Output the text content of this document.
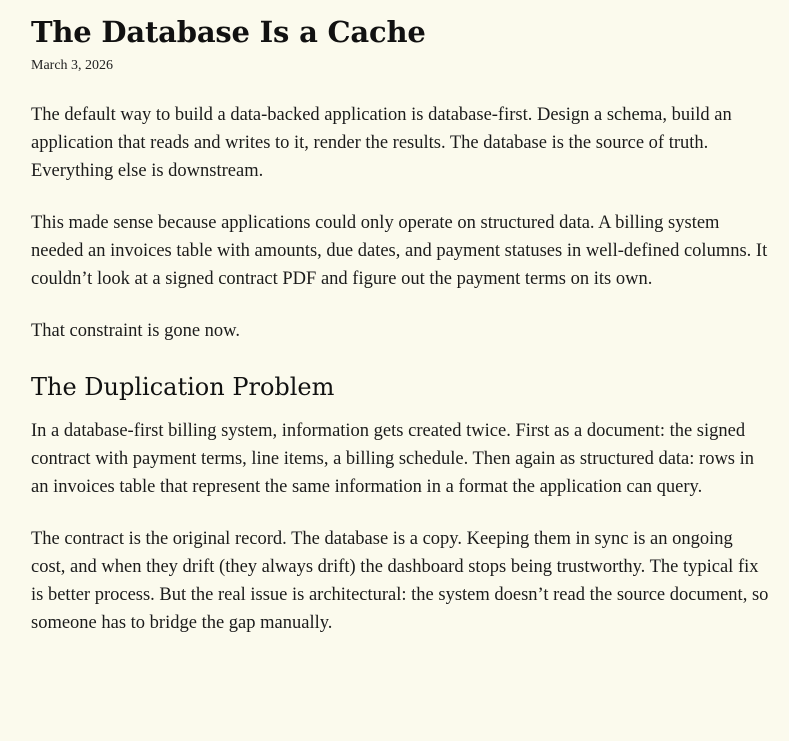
The Database Is a Cache
March 3, 2026

The default way to build a data-backed application is database-first. Design a schema, build an application that reads and writes to it, render the results. The database is the source of truth. Everything else is downstream.

This made sense because applications could only operate on structured data. A billing system needed an invoices table with amounts, due dates, and payment statuses in well-defined columns. It couldn’t look at a signed contract PDF and figure out the payment terms on its own.

That constraint is gone now.

The Duplication Problem

In a database-first billing system, information gets created twice. First as a document: the signed contract with payment terms, line items, a billing schedule. Then again as structured data: rows in an invoices table that represent the same information in a format the application can query.

The contract is the original record. The database is a copy. Keeping them in sync is an ongoing cost, and when they drift (they always drift) the dashboard stops being trustworthy. The typical fix is better process. But the real issue is architectural: the system doesn’t read the source document, so someone has to bridge the gap manually.
